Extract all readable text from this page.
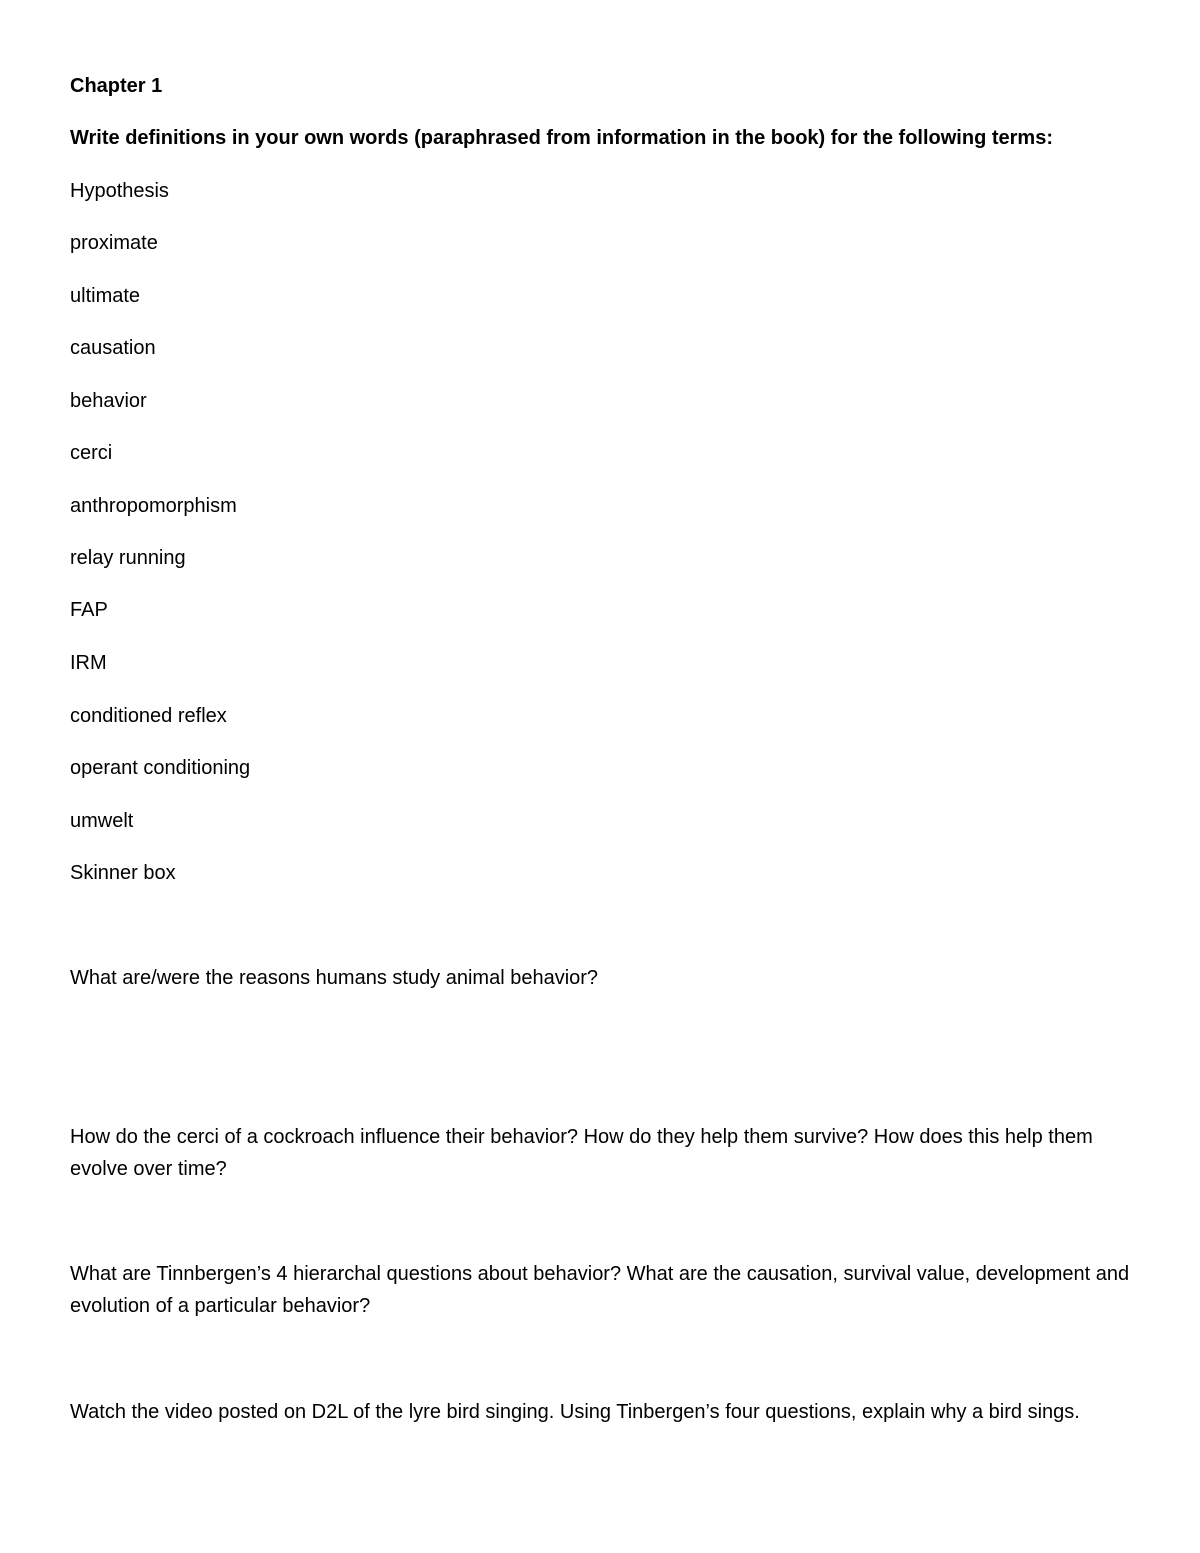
Chapter 1
Write definitions in your own words (paraphrased from information in the book) for the following terms:
Hypothesis
proximate
ultimate
causation
behavior
cerci
anthropomorphism
relay running
FAP
IRM
conditioned reflex
operant conditioning
umwelt
Skinner box
What are/were the reasons humans study animal behavior?
How do the cerci of a cockroach influence their behavior? How do they help them survive? How does this help them evolve over time?
What are Tinnbergen’s 4 hierarchal questions about behavior? What are the causation, survival value, development and evolution of a particular behavior?
Watch the video posted on D2L of the lyre bird singing. Using Tinbergen’s four questions, explain why a bird sings.
